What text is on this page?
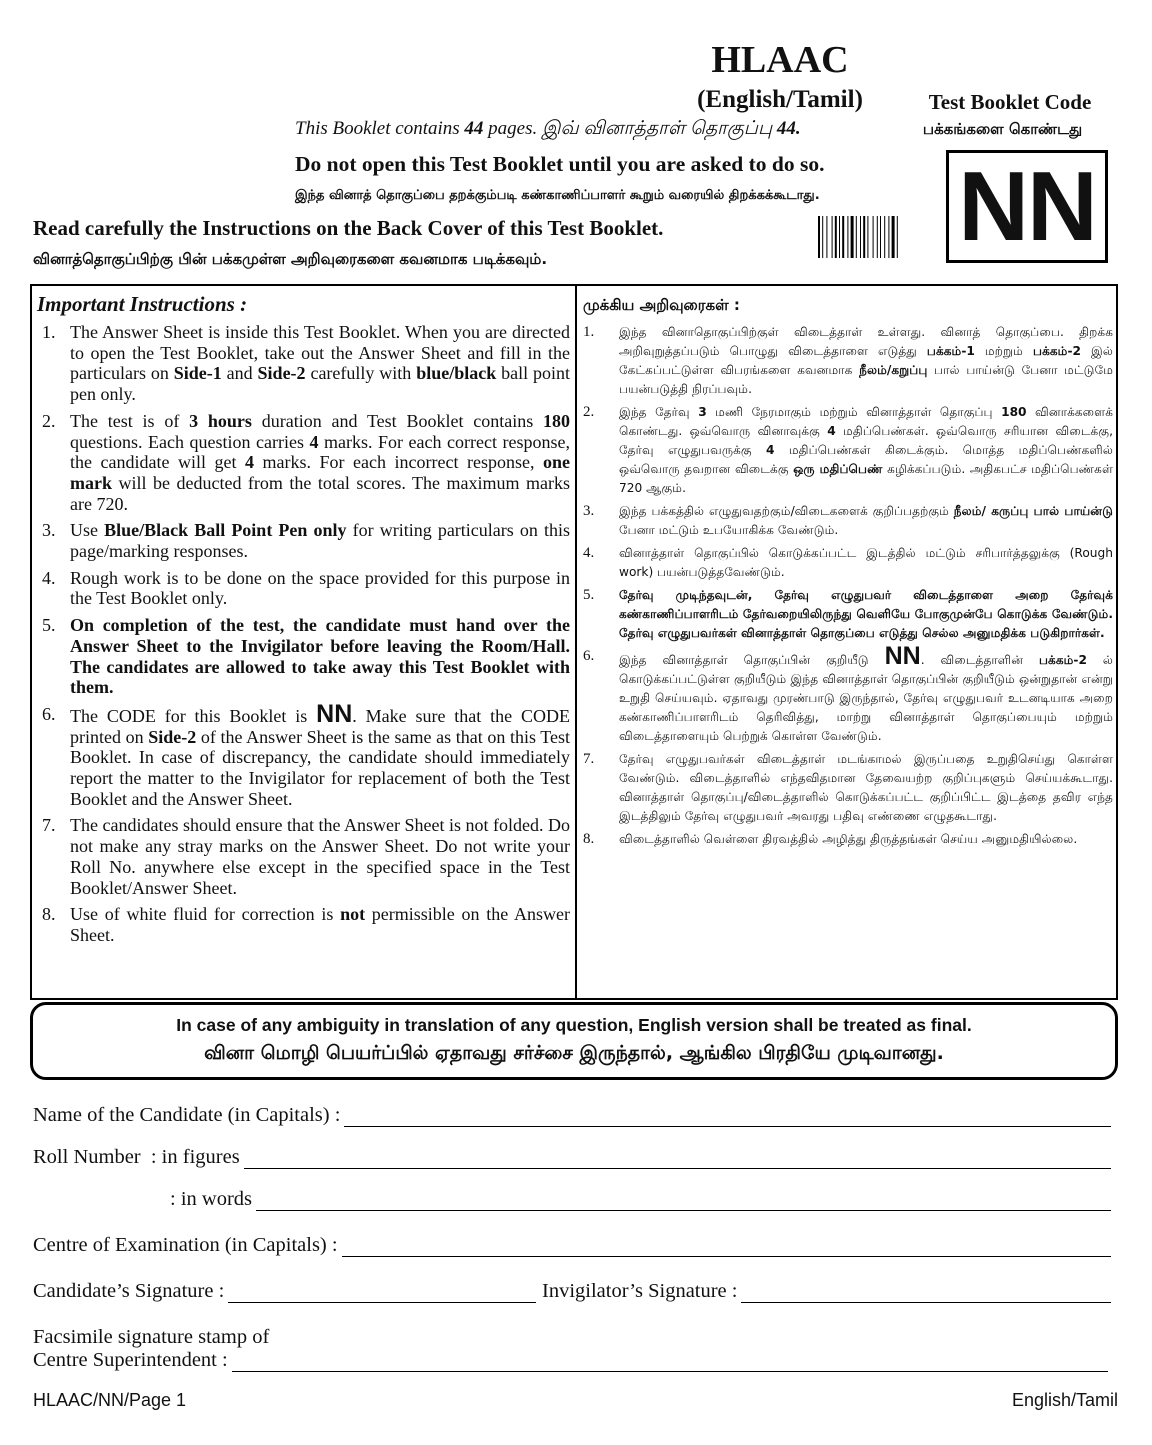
HLAAC
(English/Tamil)	Test Booklet Code
பக்கங்களை கொண்டது
This Booklet contains 44 pages. இவ் வினாத்தாள் தொகுப்பு 44.
Do not open this Test Booklet until you are asked to do so.
இந்த வினாத் தொகுப்பை தறக்கும்படி கண்காணிப்பாளர் கூறும் வரையில் திறக்கக்கூடாது.
Read carefully the Instructions on the Back Cover of this Test Booklet.
வினாத்தொகுப்பிற்கு பின் பக்கமுள்ள அறிவுரைகளை கவனமாக படிக்கவும்.	NN
Important Instructions :
1. The Answer Sheet is inside this Test Booklet. When you are directed to open the Test Booklet, take out the Answer Sheet and fill in the particulars on Side-1 and Side-2 carefully with blue/black ball point pen only.
2. The test is of 3 hours duration and Test Booklet contains 180 questions. Each question carries 4 marks. For each correct response, the candidate will get 4 marks. For each incorrect response, one mark will be deducted from the total scores. The maximum marks are 720.
3. Use Blue/Black Ball Point Pen only for writing particulars on this page/marking responses.
4. Rough work is to be done on the space provided for this purpose in the Test Booklet only.
5. On completion of the test, the candidate must hand over the Answer Sheet to the Invigilator before leaving the Room/Hall. The candidates are allowed to take away this Test Booklet with them.
6. The CODE for this Booklet is NN. Make sure that the CODE printed on Side-2 of the Answer Sheet is the same as that on this Test Booklet. In case of discrepancy, the candidate should immediately report the matter to the Invigilator for replacement of both the Test Booklet and the Answer Sheet.
7. The candidates should ensure that the Answer Sheet is not folded. Do not make any stray marks on the Answer Sheet. Do not write your Roll No. anywhere else except in the specified space in the Test Booklet/Answer Sheet.
8. Use of white fluid for correction is not permissible on the Answer Sheet.
முக்கிய அறிவுரைகள் :
1.	இந்த வினாதொகுப்பிற்குள் விடைத்தாள் உள்ளது. வினாத் தொகுப்பை. திறக்க அறிவுறுத்தப்படும் பொழுது விடைத்தாளை எடுத்து பக்கம்-1 மற்றும் பக்கம்-2 இல் கேட்கப்பட்டுள்ள விபரங்களை கவனமாக நீலம்/கறுப்பு பால் பாய்ன்டு பேனா மட்டுமே பயன்படுத்தி நிரப்பவும்.
2.	இந்த தேர்வு 3 மணி நேரமாகும் மற்றும் வினாத்தாள் தொகுப்பு 180 வினாக்களைக் கொண்டது. ஒவ்வொரு வினாவுக்கு 4 மதிப்பெண்கள். ஒவ்வொரு சரியான விடைக்கு, தேர்வு எழுதுபவருக்கு 4 மதிப்பெண்கள் கிடைக்கும். மொத்த மதிப்பெண்களில் ஒவ்வொரு தவறான விடைக்கு ஒரு மதிப்பெண் கழிக்கப்படும். அதிகபட்ச மதிப்பெண்கள் 720 ஆகும்.
3.	இந்த பக்கத்தில் எழுதுவதற்கும்/விடைகளைக் குறிப்பதற்கும் நீலம்/ கருப்பு பால் பாய்ன்டு பேனா மட்டும் உபயோகிக்க வேண்டும்.
4.	வினாத்தாள் தொகுப்பில் கொடுக்கப்பட்ட இடத்தில் மட்டும் சரிபார்த்தலுக்கு (Rough work) பயன்படுத்தவேண்டும்.
5.	தேர்வு முடிந்தவுடன், தேர்வு எழுதுபவர் விடைத்தாளை அறை தேர்வுக் கண்காணிப்பாளரிடம் தேர்வறையிலிருந்து வெளியே போகுமுன்பே கொடுக்க வேண்டும். தேர்வு எழுதுபவர்கள் வினாத்தாள் தொகுப்பை எடுத்து செல்ல அனுமதிக்க படுகிறார்கள்.
6.	இந்த வினாத்தாள் தொகுப்பின் குறியீடு NN. விடைத்தாளின் பக்கம்-2 ல் கொடுக்கப்பட்டுள்ள குறியீடும் இந்த வினாத்தாள் தொகுப்பின் குறியீடும் ஒன்றுதான் என்று உறுதி செய்யவும். ஏதாவது முரண்பாடு இருந்தால், தேர்வு எழுதுபவர் உடனடியாக அறை கண்காணிப்பாளரிடம் தெரிவித்து, மாற்று வினாத்தாள் தொகுப்பையும் மற்றும் விடைத்தாளையும் பெற்றுக் கொள்ள வேண்டும்.
7.	தேர்வு எழுதுபவர்கள் விடைத்தாள் மடங்காமல் இருப்பதை உறுதிசெய்து கொள்ள வேண்டும். விடைத்தாளில் எந்தவிதமான தேவையற்ற குறிப்புகளும் செய்யக்கூடாது. வினாத்தாள் தொகுப்பு/விடைத்தாளில் கொடுக்கப்பட்ட குறிப்பிட்ட இடத்தை தவிர எந்த இடத்திலும் தேர்வு எழுதுபவர் அவரது பதிவு எண்ணை எழுதகூடாது.
8.	விடைத்தாளில் வெள்ளை திரவத்தில் அழித்து திருத்தங்கள் செய்ய அனுமதியில்லை.
In case of any ambiguity in translation of any question, English version shall be treated as final.
வினா மொழி பெயர்ப்பில் ஏதாவது சர்ச்சை இருந்தால், ஆங்கில பிரதியே முடிவானது.
Name of the Candidate (in Capitals) :
Roll Number  : in figures
: in words
Centre of Examination (in Capitals) :
Candidate’s Signature :	Invigilator’s Signature :
Facsimile signature stamp of
Centre Superintendent :
HLAAC/NN/Page 1	English/Tamil
